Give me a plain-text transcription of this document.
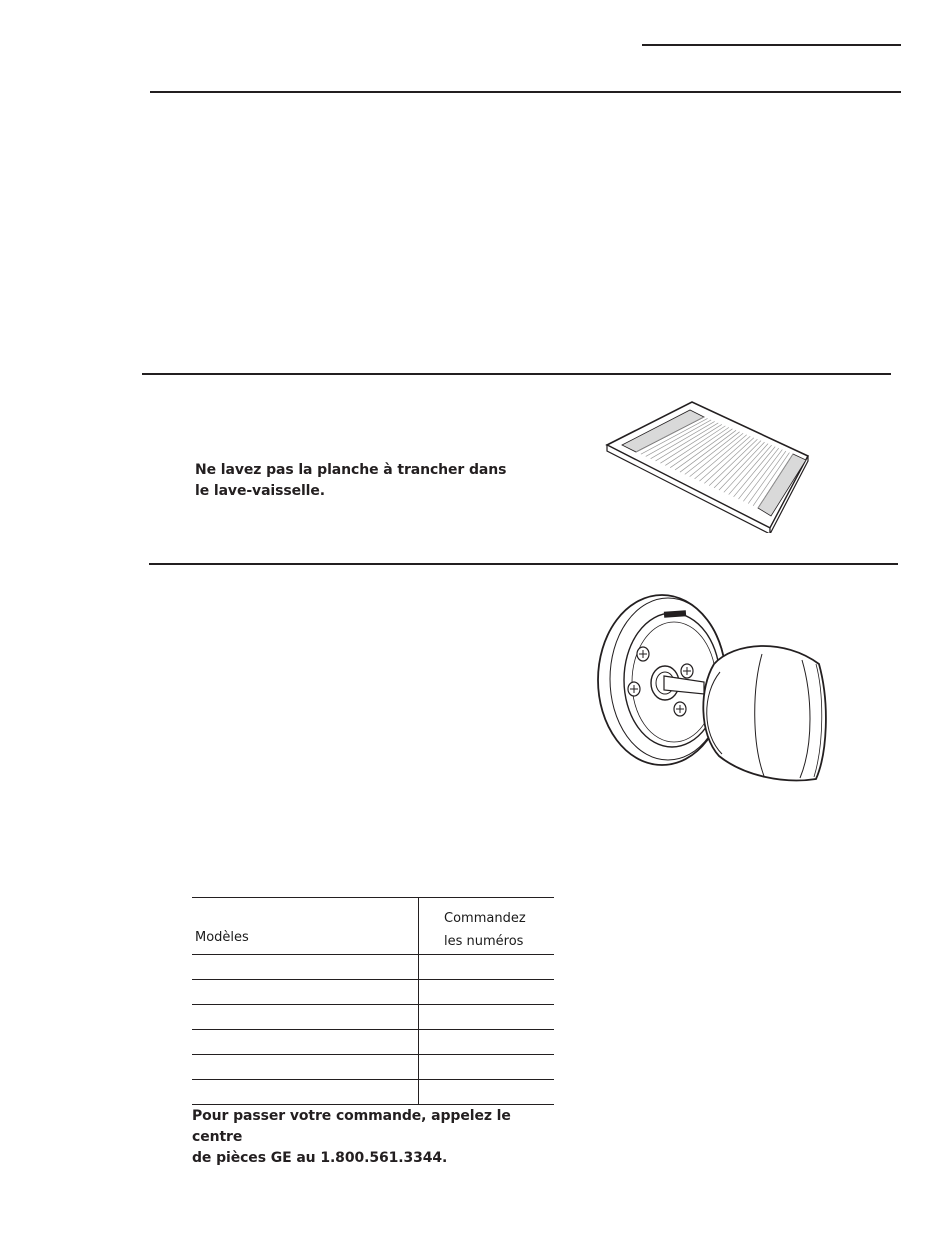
Ne lavez pas la planche à trancher dans
le lave-vaisselle.
Modèles
Commandez
les numéros
Pour passer votre commande, appelez le centre
de pièces GE au 1.800.561.3344.
